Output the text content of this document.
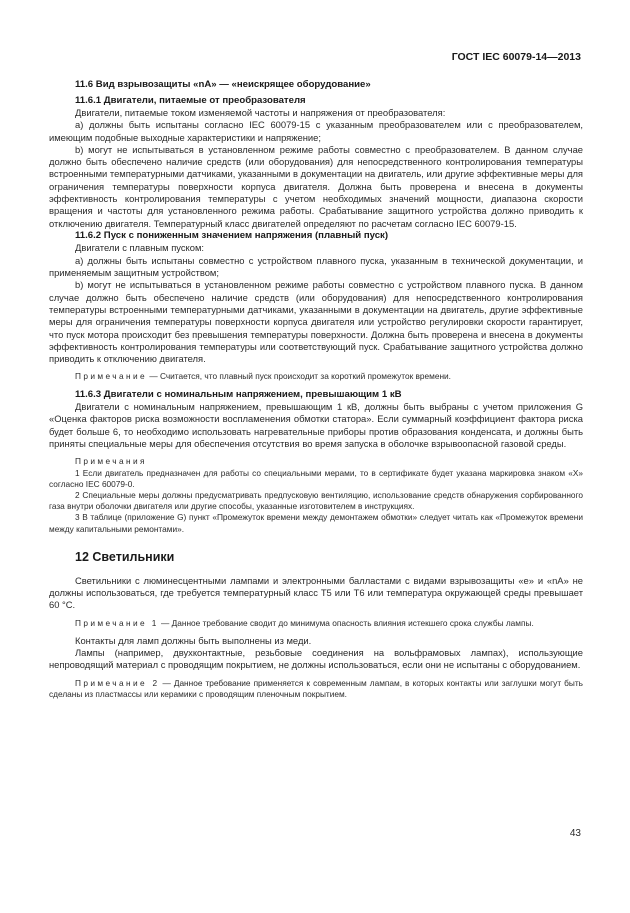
ГОСТ IEC 60079-14—2013

11.6 Вид взрывозащиты «nA» — «неискрящее оборудование»

11.6.1 Двигатели, питаемые от преобразователя

Двигатели, питаемые током изменяемой частоты и напряжения от преобразователя:

а) должны быть испытаны согласно IEC 60079-15 с указанным преобразователем или с преобразователем, имеющим подобные выходные характеристики и напряжение;

b) могут не испытываться в установленном режиме работы совместно с преобразователем. В данном случае должно быть обеспечено наличие средств (или оборудования) для непосредственного контролирования температуры встроенными температурными датчиками, указанными в документации на двигатель, или другие эффективные меры для ограничения температуры поверхности корпуса двигателя. Должна быть проверена и внесена в документы эффективность контролирования температуры с учетом необходимых значений мощности, диапазона скорости вращения и частоты для установленного режима работы. Срабатывание защитного устройства должно приводить к отключению двигателя. Температурный класс двигателей определяют по расчетам согласно IEC 60079-15.

11.6.2 Пуск с пониженным значением напряжения (плавный пуск)

Двигатели с плавным пуском:

а) должны быть испытаны совместно с устройством плавного пуска, указанным в технической документации, и применяемым защитным устройством;

b) могут не испытываться в установленном режиме работы совместно с устройством плавного пуска. В данном случае должно быть обеспечено наличие средств (или оборудования) для непосредственного контролирования температуры встроенными температурными датчиками, указанными в документации на двигатель, другие эффективные меры для ограничения температуры поверхности корпуса двигателя или устройство регулировки скорости гарантирует, что пуск мотора происходит без превышения температуры поверхности. Должна быть проверена и внесена в документы эффективность контролирования температуры или соответствующий пуск. Срабатывание защитного устройства должно приводить к отключению двигателя.

Примечание — Считается, что плавный пуск происходит за короткий промежуток времени.

11.6.3 Двигатели с номинальным напряжением, превышающим 1 кВ

Двигатели с номинальным напряжением, превышающим 1 кВ, должны быть выбраны с учетом приложения G «Оценка факторов риска возможности воспламенения обмотки статора». Если суммарный коэффициент фактора риска будет больше 6, то необходимо использовать нагревательные приборы против образования конденсата, и должны быть приняты специальные меры для обеспечения отсутствия во время запуска в оболочке взрывоопасной газовой среды.

Примечания

1 Если двигатель предназначен для работы со специальными мерами, то в сертификате будет указана маркировка знаком «X» согласно IEC 60079-0.

2 Специальные меры должны предусматривать предпусковую вентиляцию, использование средств обнаружения сорбированного газа внутри оболочки двигателя или другие способы, указанные изготовителем в инструкциях.

3 В таблице (приложение G) пункт «Промежуток времени между демонтажем обмотки» следует читать как «Промежуток времени между капитальными ремонтами».

12 Светильники

Светильники с люминесцентными лампами и электронными балластами с видами взрывозащиты «е» и «nA» не должны использоваться, где требуется температурный класс Т5 или Т6 или температура окружающей среды превышает 60 °С.

Примечание 1 — Данное требование сводит до минимума опасность влияния истекшего срока службы лампы.

Контакты для ламп должны быть выполнены из меди.

Лампы (например, двухконтактные, резьбовые соединения на вольфрамовых лампах), использующие непроводящий материал с проводящим покрытием, не должны использоваться, если они не испытаны с оборудованием.

Примечание 2 — Данное требование применяется к современным лампам, в которых контакты или заглушки могут быть сделаны из пластмассы или керамики с проводящим пленочным покрытием.

43
